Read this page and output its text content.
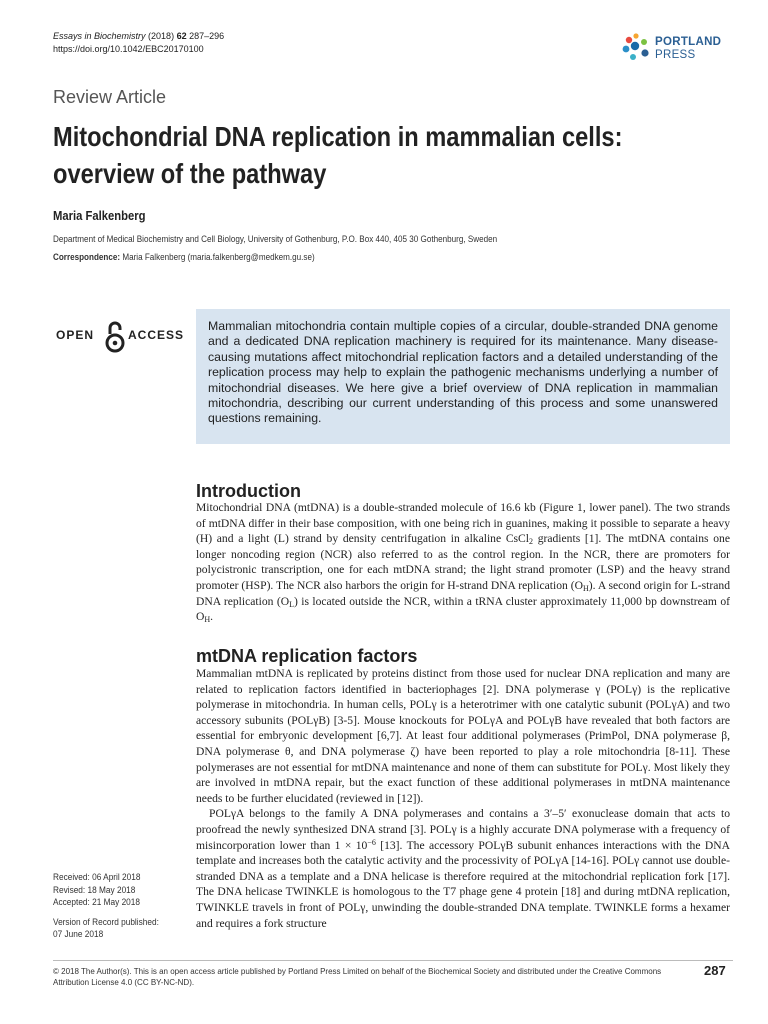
Essays in Biochemistry (2018) 62 287–296
https://doi.org/10.1042/EBC20170100
PORTLAND
PRESS
Review Article
Mitochondrial DNA replication in mammalian cells:
overview of the pathway
Maria Falkenberg
Department of Medical Biochemistry and Cell Biology, University of Gothenburg, P.O. Box 440, 405 30 Gothenburg, Sweden
Correspondence: Maria Falkenberg (maria.falkenberg@medkem.gu.se)
OPEN	ACCESS
Mammalian mitochondria contain multiple copies of a circular, double-stranded DNA genome and a dedicated DNA replication machinery is required for its maintenance. Many disease-causing mutations affect mitochondrial replication factors and a detailed understanding of the replication process may help to explain the pathogenic mechanisms underlying a number of mitochondrial diseases. We here give a brief overview of DNA replication in mammalian mitochondria, describing our current understanding of this process and some unanswered questions remaining.
Introduction

Mitochondrial DNA (mtDNA) is a double-stranded molecule of 16.6 kb (Figure 1, lower panel). The two strands of mtDNA differ in their base composition, with one being rich in guanines, making it possible to separate a heavy (H) and a light (L) strand by density centrifugation in alkaline CsCl$_2$ gradients [1]. The mtDNA contains one longer noncoding region (NCR) also referred to as the control region. In the NCR, there are promoters for polycistronic transcription, one for each mtDNA strand; the light strand promoter (LSP) and the heavy strand promoter (HSP). The NCR also harbors the origin for H-strand DNA replication $(O_H)$. A second origin for L-strand DNA replication $(O_L)$ is located outside the NCR, within a tRNA cluster approximately 11,000 bp downstream of $O_H$.

mtDNA replication factors

Mammalian mtDNA is replicated by proteins distinct from those used for nuclear DNA replication and many are related to replication factors identified in bacteriophages [2]. DNA polymerase γ (POLγ) is the replicative polymerase in mitochondria. In human cells, POLγ is a heterotrimer with one catalytic subunit (POLγA) and two accessory subunits (POLγB) [3-5]. Mouse knockouts for POLγA and POLγB have revealed that both factors are essential for embryonic development [6,7]. At least four additional polymerases (PrimPol, DNA polymerase β, DNA polymerase θ, and DNA polymerase ζ) have been reported to play a role mitochondria [8-11]. These polymerases are not essential for mtDNA maintenance and none of them can substitute for POLγ. Most likely they are involved in mtDNA repair, but the exact function of these additional polymerases in mtDNA maintenance needs to be further elucidated (reviewed in [12]).

POLγA belongs to the family A DNA polymerases and contains a 3′–5′ exonuclease domain that acts to proofread the newly synthesized DNA strand [3]. POLγ is a highly accurate DNA polymerase with a frequency of misincorporation lower than $1 \times 10^{-6}$ [13]. The accessory POLγB subunit enhances interactions with the DNA template and increases both the catalytic activity and the processivity of POLγA [14-16]. POLγ cannot use double-stranded DNA as a template and a DNA helicase is therefore required at the mitochondrial replication fork [17]. The DNA helicase TWINKLE is homologous to the T7 phage gene 4 protein [18] and during mtDNA replication, TWINKLE travels in front of POLγ, unwinding the double-stranded DNA template. TWINKLE forms a hexamer and requires a fork structure

Received: 06 April 2018
Revised: 18 May 2018
Accepted: 21 May 2018
Version of Record published:
07 June 2018
© 2018 The Author(s). This is an open access article published by Portland Press Limited on behalf of the Biochemical Society and distributed under the Creative Commons Attribution License 4.0 (CC BY-NC-ND).
287
